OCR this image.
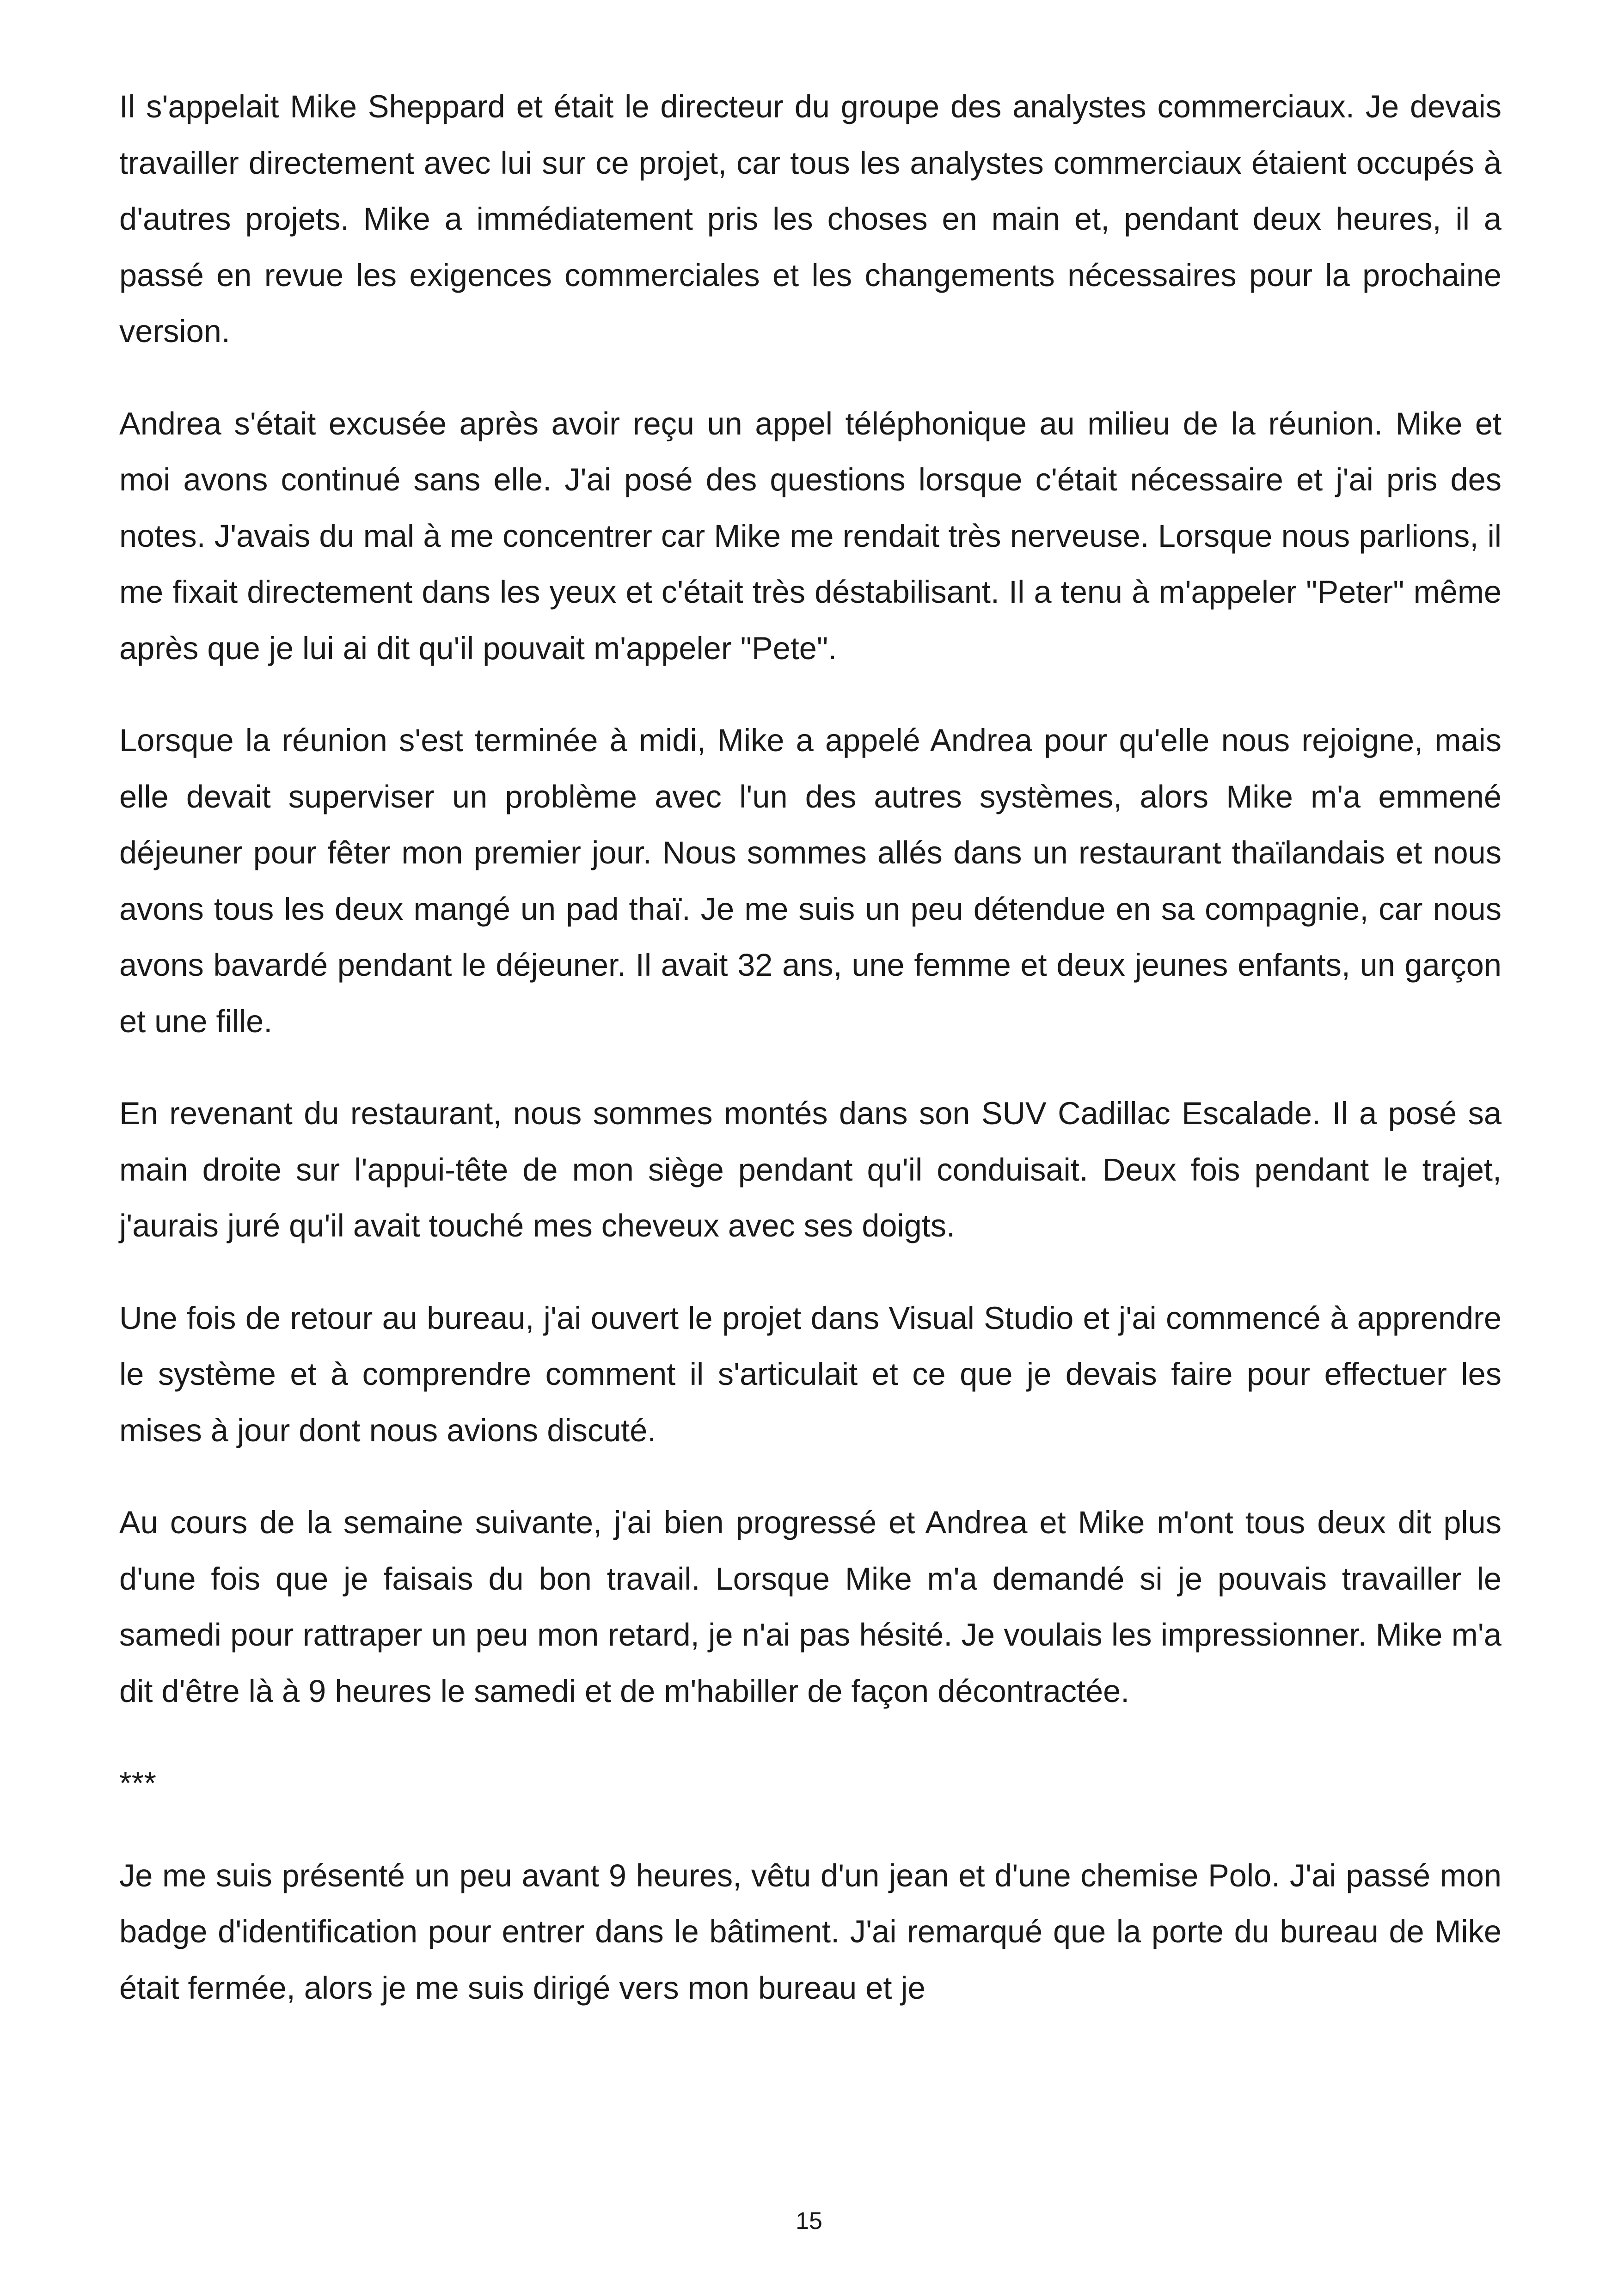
Il s'appelait Mike Sheppard et était le directeur du groupe des analystes commerciaux. Je devais travailler directement avec lui sur ce projet, car tous les analystes commerciaux étaient occupés à d'autres projets. Mike a immédiatement pris les choses en main et, pendant deux heures, il a passé en revue les exigences commerciales et les changements nécessaires pour la prochaine version.

Andrea s'était excusée après avoir reçu un appel téléphonique au milieu de la réunion. Mike et moi avons continué sans elle. J'ai posé des questions lorsque c'était nécessaire et j'ai pris des notes. J'avais du mal à me concentrer car Mike me rendait très nerveuse. Lorsque nous parlions, il me fixait directement dans les yeux et c'était très déstabilisant. Il a tenu à m'appeler "Peter" même après que je lui ai dit qu'il pouvait m'appeler "Pete".

Lorsque la réunion s'est terminée à midi, Mike a appelé Andrea pour qu'elle nous rejoigne, mais elle devait superviser un problème avec l'un des autres systèmes, alors Mike m'a emmené déjeuner pour fêter mon premier jour. Nous sommes allés dans un restaurant thaïlandais et nous avons tous les deux mangé un pad thaï. Je me suis un peu détendue en sa compagnie, car nous avons bavardé pendant le déjeuner. Il avait 32 ans, une femme et deux jeunes enfants, un garçon et une fille.

En revenant du restaurant, nous sommes montés dans son SUV Cadillac Escalade. Il a posé sa main droite sur l'appui-tête de mon siège pendant qu'il conduisait. Deux fois pendant le trajet, j'aurais juré qu'il avait touché mes cheveux avec ses doigts.

Une fois de retour au bureau, j'ai ouvert le projet dans Visual Studio et j'ai commencé à apprendre le système et à comprendre comment il s'articulait et ce que je devais faire pour effectuer les mises à jour dont nous avions discuté.

Au cours de la semaine suivante, j'ai bien progressé et Andrea et Mike m'ont tous deux dit plus d'une fois que je faisais du bon travail. Lorsque Mike m'a demandé si je pouvais travailler le samedi pour rattraper un peu mon retard, je n'ai pas hésité. Je voulais les impressionner. Mike m'a dit d'être là à 9 heures le samedi et de m'habiller de façon décontractée.

***

Je me suis présenté un peu avant 9 heures, vêtu d'un jean et d'une chemise Polo. J'ai passé mon badge d'identification pour entrer dans le bâtiment. J'ai remarqué que la porte du bureau de Mike était fermée, alors je me suis dirigé vers mon bureau et je

15
